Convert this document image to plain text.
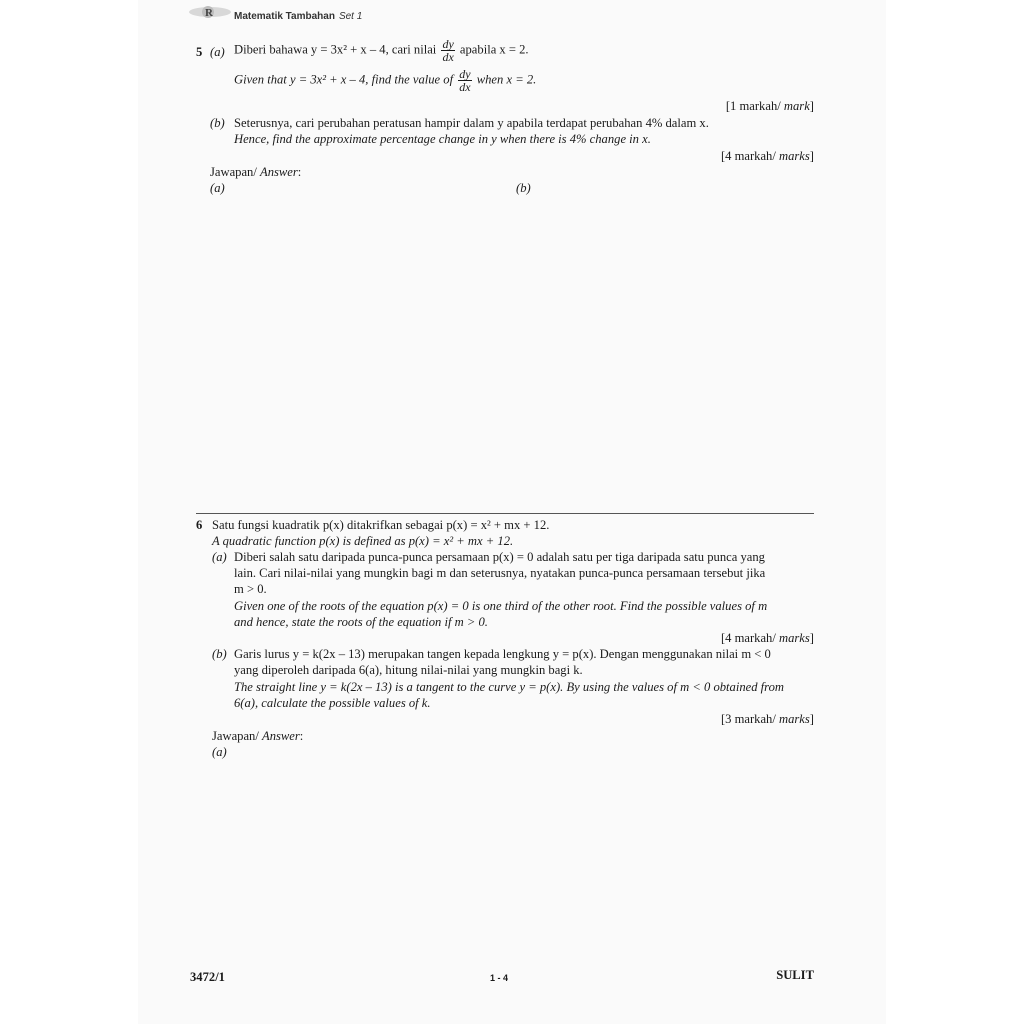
R Matematik Tambahan Set 1
5 (a) Diberi bahawa y = 3x² + x – 4, cari nilai $\frac{dy}{dx}$ apabila x = 2.
Given that y = 3x² + x – 4, find the value of $\frac{dy}{dx}$ when x = 2.
[1 markah/ mark]
(b) Seterusnya, cari perubahan peratusan hampir dalam y apabila terdapat perubahan 4% dalam x.
Hence, find the approximate percentage change in y when there is 4% change in x.
[4 markah/ marks]
Jawapan/ Answer:
(a)	(b)
6 Satu fungsi kuadratik p(x) ditakrifkan sebagai p(x) = x² + mx + 12.
A quadratic function p(x) is defined as p(x) = x² + mx + 12.
(a) Diberi salah satu daripada punca-punca persamaan p(x) = 0 adalah satu per tiga daripada satu punca yang
lain. Cari nilai-nilai yang mungkin bagi m dan seterusnya, nyatakan punca-punca persamaan tersebut jika
m > 0.
Given one of the roots of the equation p(x) = 0 is one third of the other root. Find the possible values of m
and hence, state the roots of the equation if m > 0.
[4 markah/ marks]
(b) Garis lurus y = k(2x – 13) merupakan tangen kepada lengkung y = p(x). Dengan menggunakan nilai m < 0
yang diperoleh daripada 6(a), hitung nilai-nilai yang mungkin bagi k.
The straight line y = k(2x – 13) is a tangent to the curve y = p(x). By using the values of m < 0 obtained from
6(a), calculate the possible values of k.
[3 markah/ marks]
Jawapan/ Answer:
(a)
3472/1	1 - 4	SULIT
